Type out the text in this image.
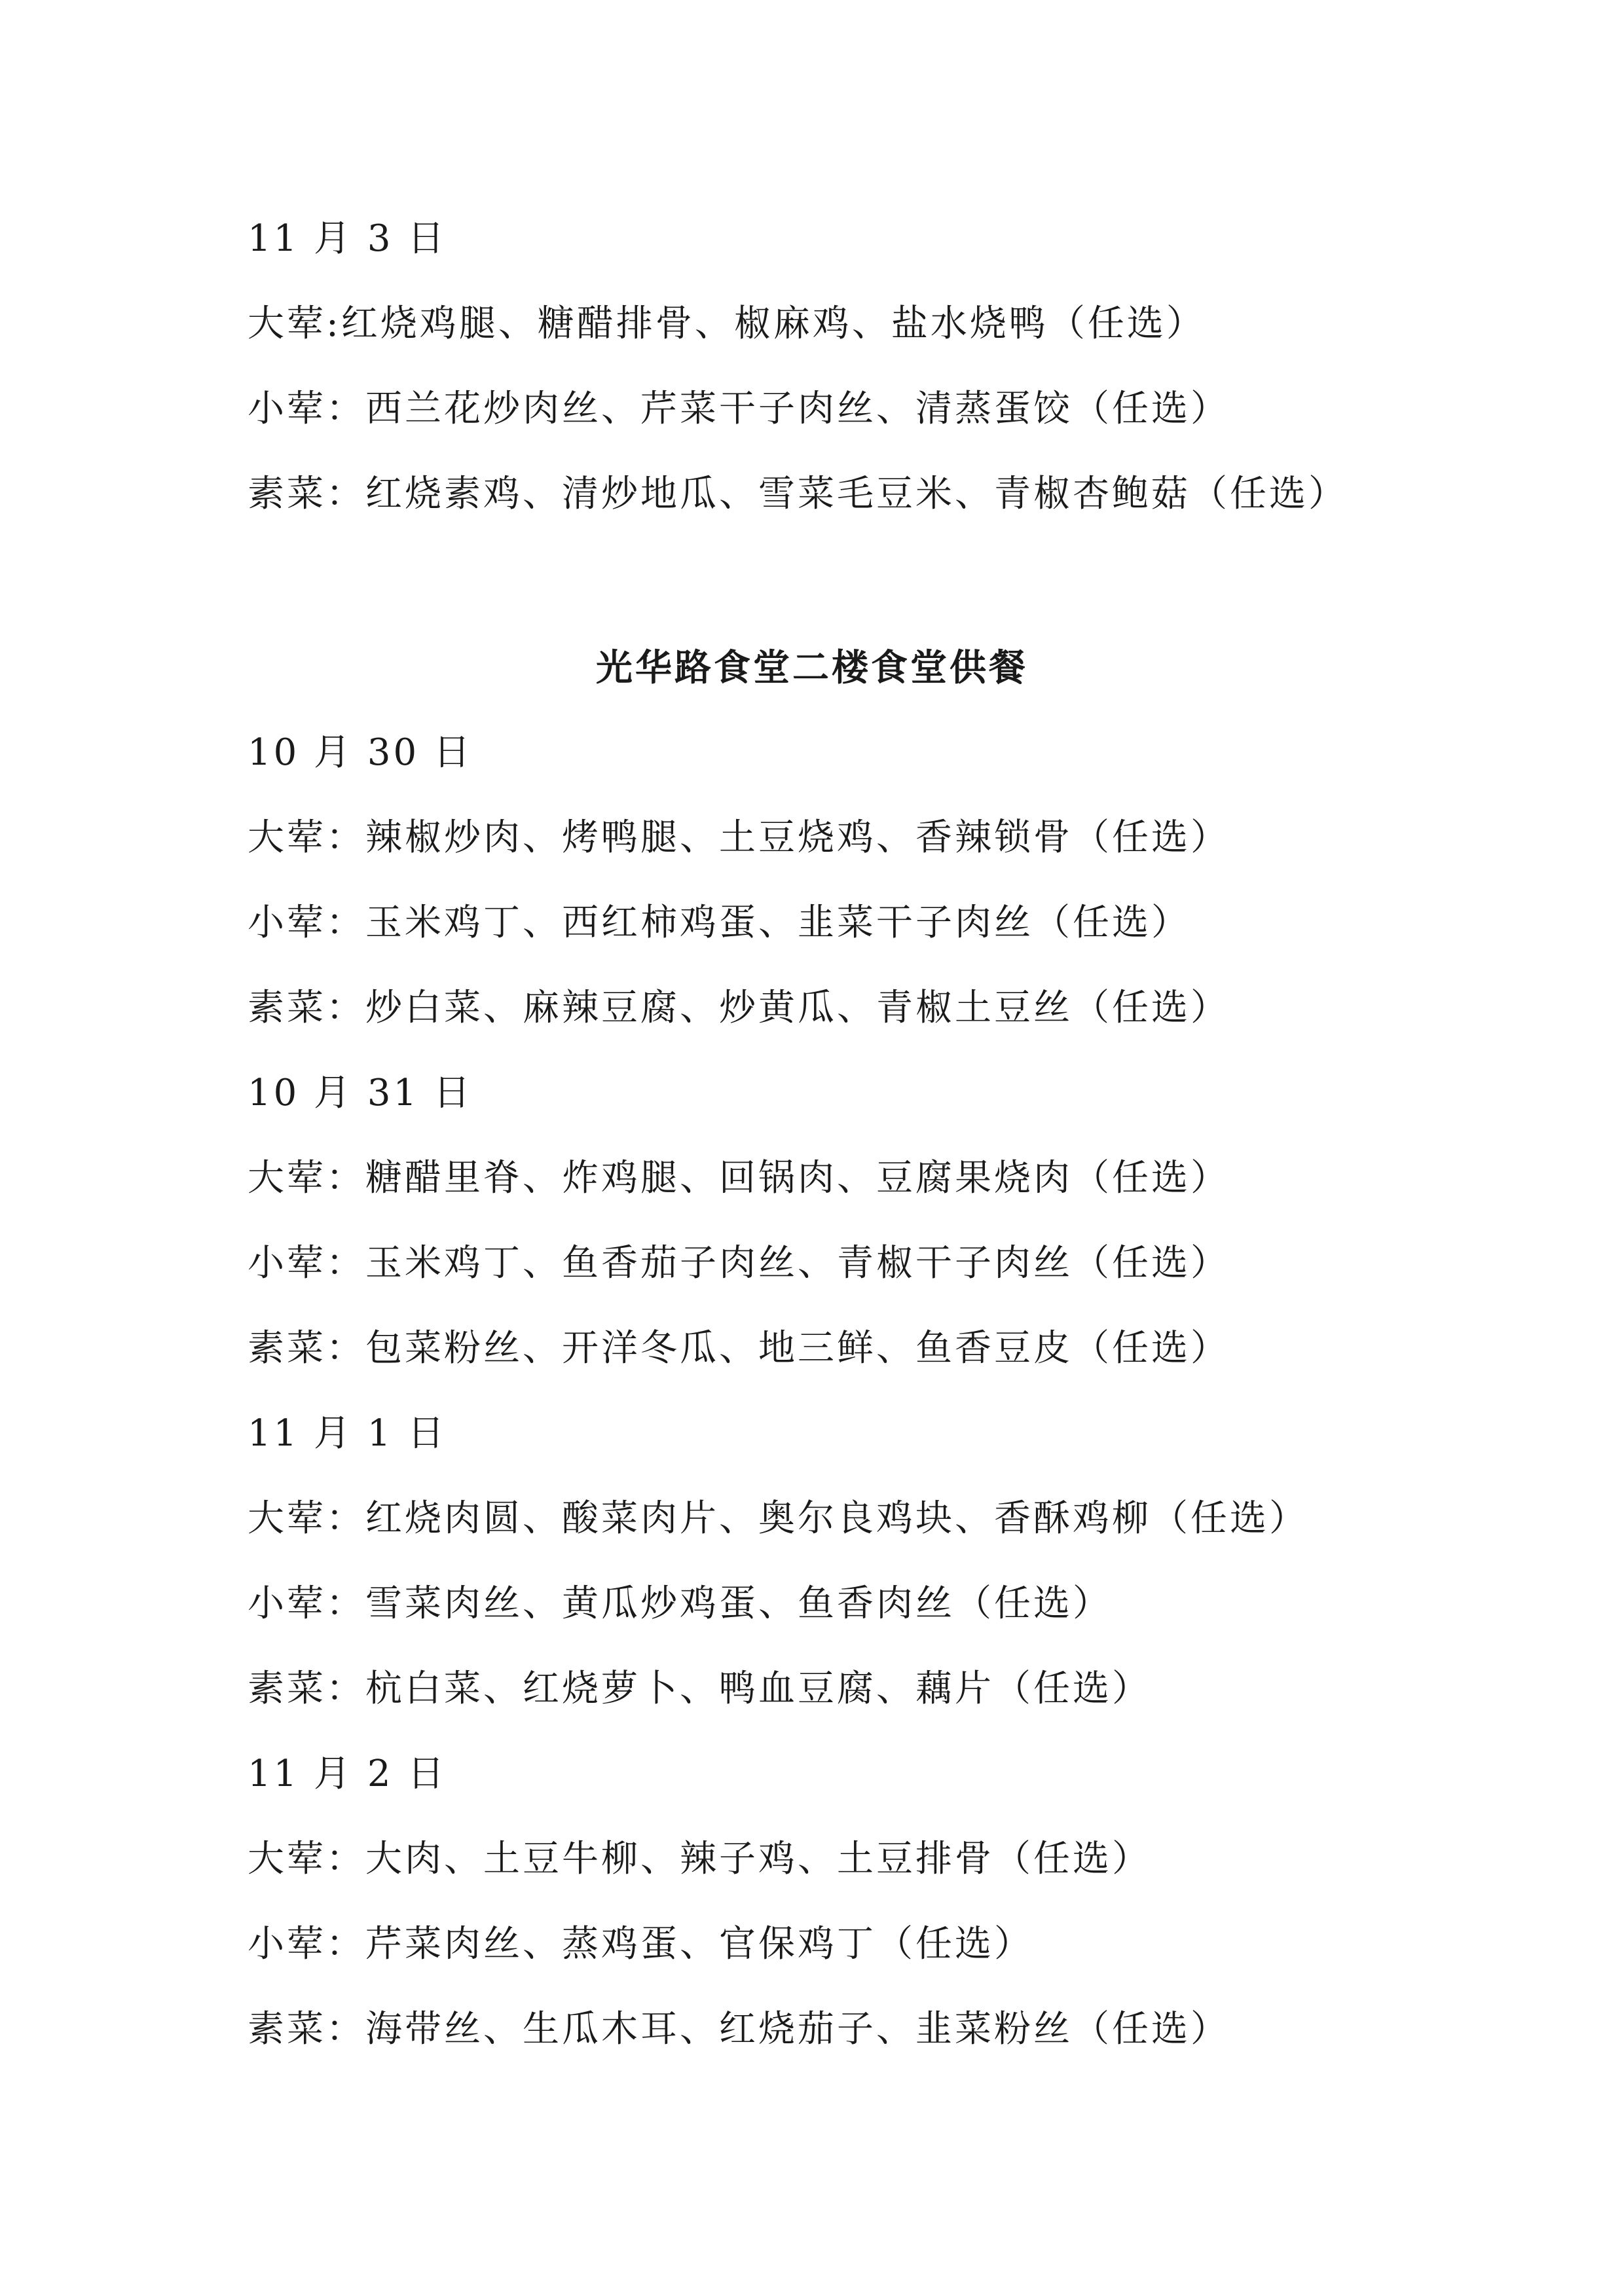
11 月 3 日
大荤:红烧鸡腿、糖醋排骨、椒麻鸡、盐水烧鸭（任选）
小荤：西兰花炒肉丝、芹菜干子肉丝、清蒸蛋饺（任选）
素菜：红烧素鸡、清炒地瓜、雪菜毛豆米、青椒杏鲍菇（任选）
光华路食堂二楼食堂供餐
10 月 30 日
大荤：辣椒炒肉、烤鸭腿、土豆烧鸡、香辣锁骨（任选）
小荤：玉米鸡丁、西红柿鸡蛋、韭菜干子肉丝（任选）
素菜：炒白菜、麻辣豆腐、炒黄瓜、青椒土豆丝（任选）
10 月 31 日
大荤：糖醋里脊、炸鸡腿、回锅肉、豆腐果烧肉（任选）
小荤：玉米鸡丁、鱼香茄子肉丝、青椒干子肉丝（任选）
素菜：包菜粉丝、开洋冬瓜、地三鲜、鱼香豆皮（任选）
11 月 1 日
大荤：红烧肉圆、酸菜肉片、奥尔良鸡块、香酥鸡柳（任选）
小荤：雪菜肉丝、黄瓜炒鸡蛋、鱼香肉丝（任选）
素菜：杭白菜、红烧萝卜、鸭血豆腐、藕片（任选）
11 月 2 日
大荤：大肉、土豆牛柳、辣子鸡、土豆排骨（任选）
小荤：芹菜肉丝、蒸鸡蛋、官保鸡丁（任选）
素菜：海带丝、生瓜木耳、红烧茄子、韭菜粉丝（任选）
